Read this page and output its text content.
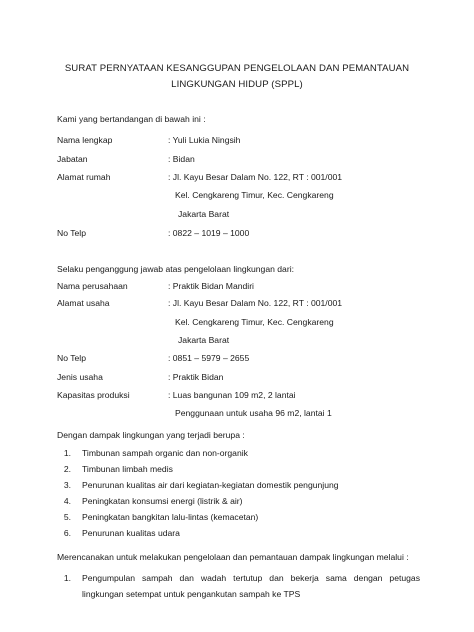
SURAT PERNYATAAN KESANGGUPAN PENGELOLAAN DAN PEMANTAUAN
LINGKUNGAN HIDUP (SPPL)
Kami yang bertandangan di bawah ini :
Nama lengkap	: Yuli Lukia Ningsih
Jabatan	: Bidan
Alamat rumah	: Jl. Kayu Besar Dalam No. 122, RT : 001/001
Kel. Cengkareng Timur, Kec. Cengkareng
Jakarta Barat
No Telp	: 0822 – 1019 – 1000
Selaku penganggung jawab atas pengelolaan lingkungan dari:
Nama perusahaan	: Praktik Bidan Mandiri
Alamat usaha	: Jl. Kayu Besar Dalam No. 122, RT : 001/001
Kel. Cengkareng Timur, Kec. Cengkareng
Jakarta Barat
No Telp	: 0851 – 5979 – 2655
Jenis usaha	: Praktik Bidan
Kapasitas produksi	: Luas bangunan 109 m2, 2 lantai
Penggunaan untuk usaha 96 m2, lantai 1
Dengan dampak lingkungan yang terjadi berupa :
1. Timbunan sampah organic dan non-organik
2. Timbunan limbah medis
3. Penurunan kualitas air dari kegiatan-kegiatan domestik pengunjung
4. Peningkatan konsumsi energi (listrik & air)
5. Peningkatan bangkitan lalu-lintas (kemacetan)
6. Penurunan kualitas udara
Merencanakan untuk melakukan pengelolaan dan pemantauan dampak lingkungan melalui :
1. Pengumpulan sampah dan wadah tertutup dan bekerja sama dengan petugas
lingkungan setempat untuk pengankutan sampah ke TPS
